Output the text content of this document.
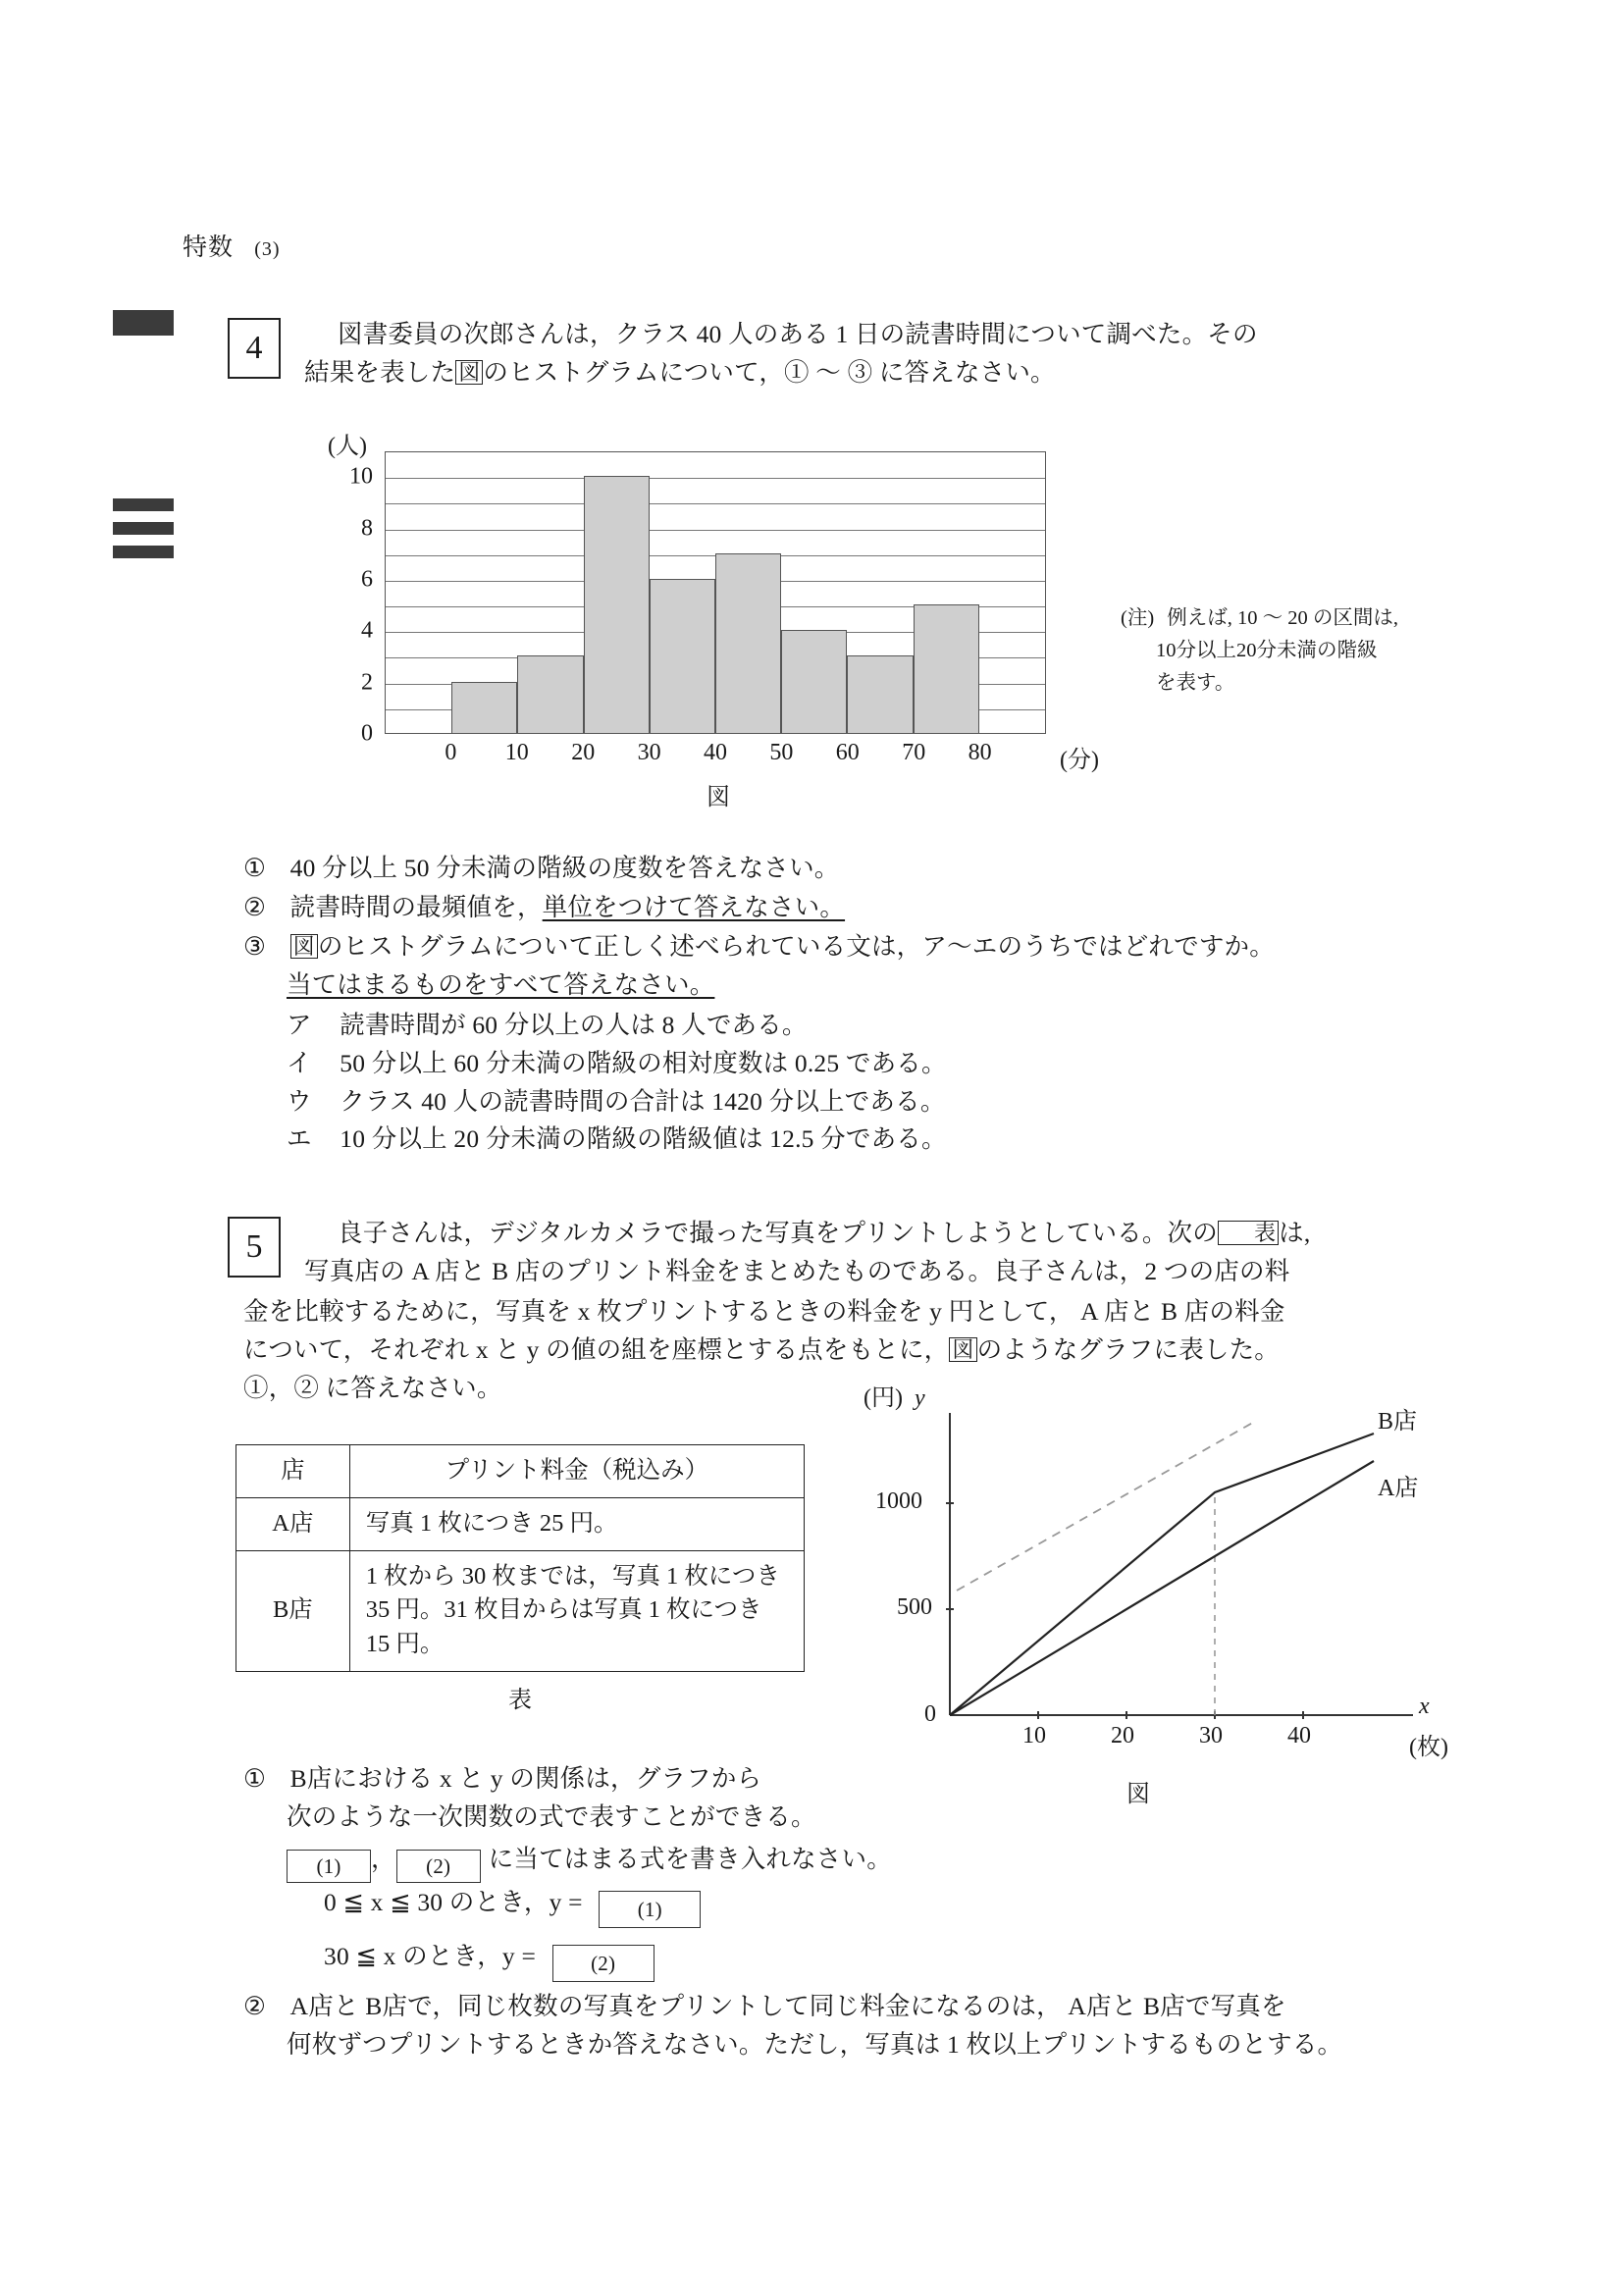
特数 (3)
4	図書委員の次郎さんは，クラス 40 人のある 1 日の読書時間について調べた。その
結果を表した 図 のヒストグラムについて，① ～ ③ に答えなさい。
(人)
0
2
4
6
8
10
0 10 20 30 40 50 60 70 80	(分)
図
(注) 例えば, 10 〜 20 の区間は,
10分以上20分未満の階級
を表す。
① 40 分以上 50 分未満の階級の度数を答えなさい。
② 読書時間の最頻値を，単位をつけて答えなさい。
③ 図 のヒストグラムについて正しく述べられている文は，ア～エのうちではどれですか。
当てはまるものをすべて答えなさい。
ア 読書時間が 60 分以上の人は 8 人である。
イ 50 分以上 60 分未満の階級の相対度数は 0.25 である。
ウ クラス 40 人の読書時間の合計は 1420 分以上である。
エ 10 分以上 20 分未満の階級の階級値は 12.5 分である。
5	良子さんは，デジタルカメラで撮った写真をプリントしようとしている。次の 表 は,
写真店の A 店と B 店のプリント料金をまとめたものである。良子さんは，2 つの店の料
金を比較するために，写真を x 枚プリントするときの料金を y 円として， A 店と B 店の料金
について，それぞれ x と y の値の組を座標とする点をもとに， 図 のようなグラフに表した。
①，② に答えなさい。
店	プリント料金（税込み）
A店	写真 1 枚につき 25 円。
B店	1 枚から 30 枚までは，写真 1 枚につき 35 円。31 枚目からは写真 1 枚につき 15 円。
表
(円) y
B店
A店
1000
500
0
10	20	30	40
x
(枚)
図
① B店における x と y の関係は，グラフから
次のような一次関数の式で表すことができる。
(1) ， (2) に当てはまる式を書き入れなさい。
0 ≦ x ≦ 30 のとき，y =	(1)
30 ≦ x のとき，y =	(2)
② A店と B店で，同じ枚数の写真をプリントして同じ料金になるのは， A店と B店で写真を
何枚ずつプリントするときか答えなさい。ただし，写真は 1 枚以上プリントするものとする。
